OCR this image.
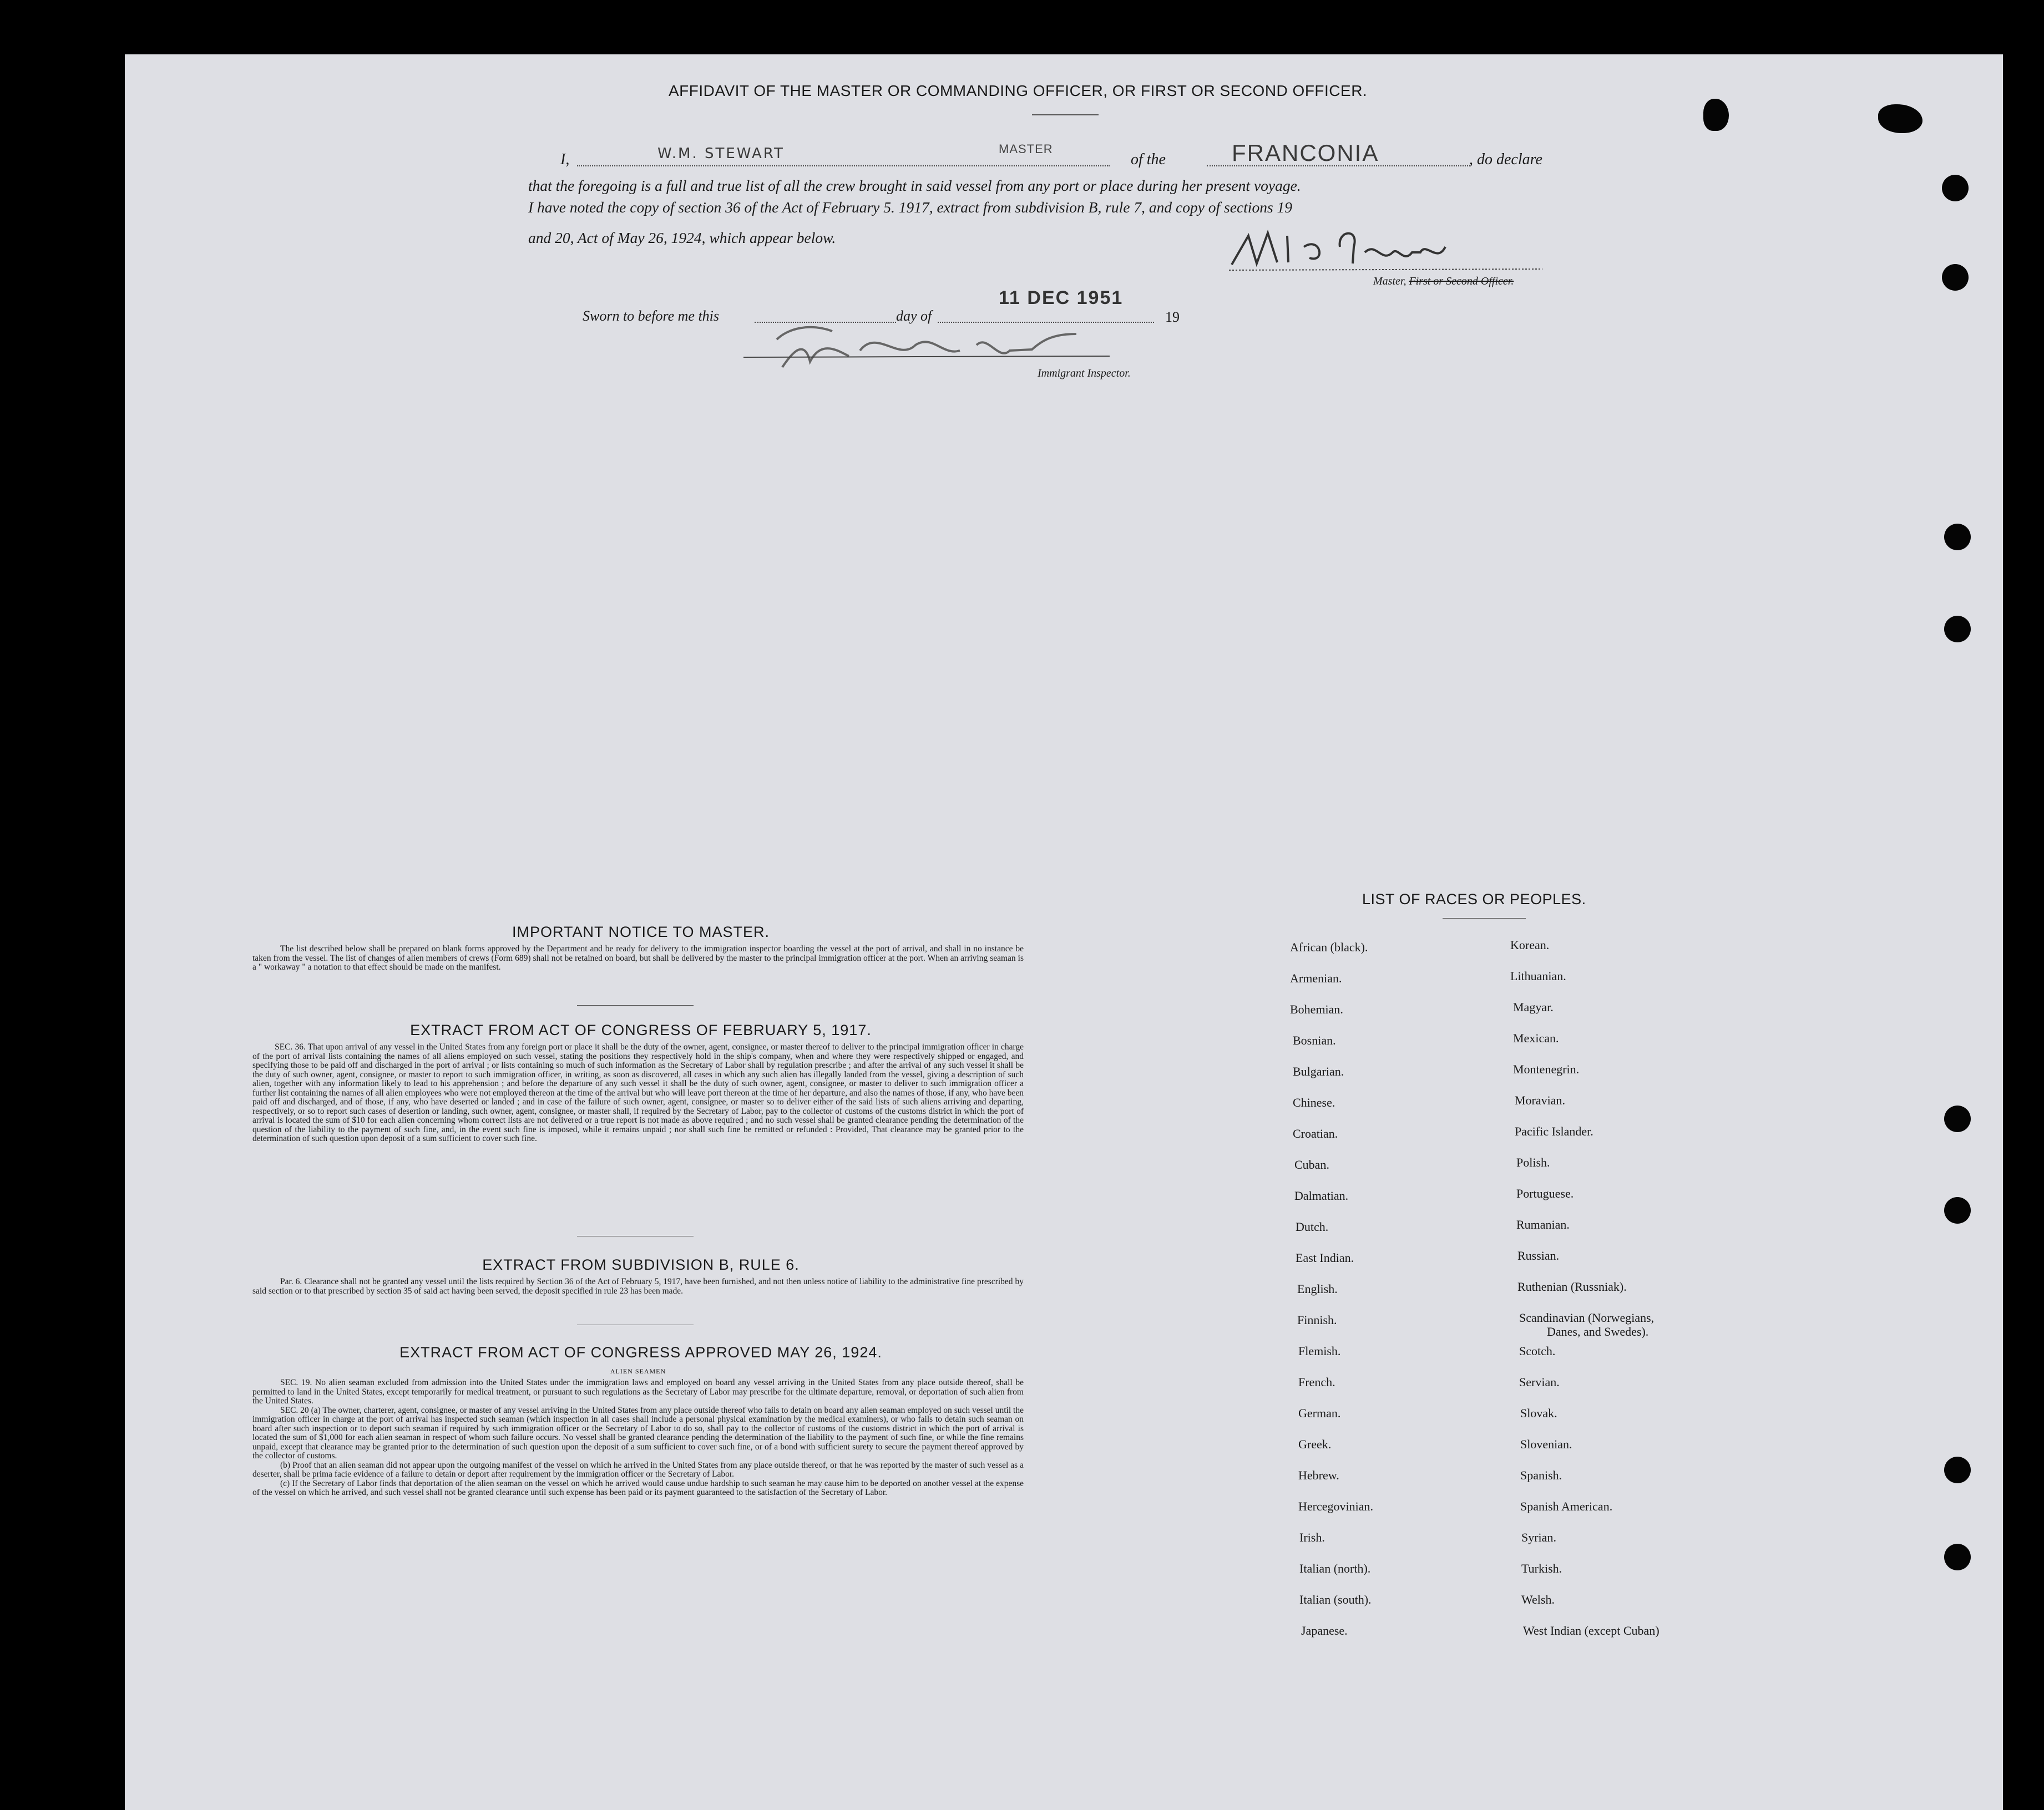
AFFIDAVIT OF THE MASTER OR COMMANDING OFFICER, OR FIRST OR SECOND OFFICER.
I,	W.M. STEWART	MASTER
of the	FRANCONIA	, do declare
that the foregoing is a full and true list of all the crew brought in said vessel from any port or place during her present voyage.
I have noted the copy of section 36 of the Act of February 5. 1917, extract from subdivision B, rule 7, and copy of sections 19
and 20, Act of May 26, 1924, which appear below.
Master, First or Second Officer.
Sworn to before me this	day of
11 DEC 1951
19
Immigrant Inspector.
IMPORTANT NOTICE TO MASTER.

The list described below shall be prepared on blank forms approved by the Department and be ready for delivery to the immigration inspector boarding the vessel at the port of arrival, and shall in no instance be taken from the vessel. The list of changes of alien members of crews (Form 689) shall not be retained on board, but shall be delivered by the master to the principal immigration officer at the port. When an arriving seaman is a " workaway " a notation to that effect should be made on the manifest.

EXTRACT FROM ACT OF CONGRESS OF FEBRUARY 5, 1917.

SEC. 36. That upon arrival of any vessel in the United States from any foreign port or place it shall be the duty of the owner, agent, consignee, or master thereof to deliver to the principal immigration officer in charge of the port of arrival lists containing the names of all aliens employed on such vessel, stating the positions they respectively hold in the ship's company, when and where they were respectively shipped or engaged, and specifying those to be paid off and discharged in the port of arrival ; or lists containing so much of such information as the Secretary of Labor shall by regulation prescribe ; and after the arrival of any such vessel it shall be the duty of such owner, agent, consignee, or master to report to such immigration officer, in writing, as soon as discovered, all cases in which any such alien has illegally landed from the vessel, giving a description of such alien, together with any information likely to lead to his apprehension ; and before the departure of any such vessel it shall be the duty of such owner, agent, consignee, or master to deliver to such immigration officer a further list containing the names of all alien employees who were not employed thereon at the time of the arrival but who will leave port thereon at the time of her departure, and also the names of those, if any, who have been paid off and discharged, and of those, if any, who have deserted or landed ; and in case of the failure of such owner, agent, consignee, or master so to deliver either of the said lists of such aliens arriving and departing, respectively, or so to report such cases of desertion or landing, such owner, agent, consignee, or master shall, if required by the Secretary of Labor, pay to the collector of customs of the customs district in which the port of arrival is located the sum of $10 for each alien concerning whom correct lists are not delivered or a true report is not made as above required ; and no such vessel shall be granted clearance pending the determination of the question of the liability to the payment of such fine, and, in the event such fine is imposed, while it remains unpaid ; nor shall such fine be remitted or refunded : Provided, That clearance may be granted prior to the determination of such question upon deposit of a sum sufficient to cover such fine.

EXTRACT FROM SUBDIVISION B, RULE 6.

Par. 6. Clearance shall not be granted any vessel until the lists required by Section 36 of the Act of February 5, 1917, have been furnished, and not then unless notice of liability to the administrative fine prescribed by said section or to that prescribed by section 35 of said act having been served, the deposit specified in rule 23 has been made.

EXTRACT FROM ACT OF CONGRESS APPROVED MAY 26, 1924.
ALIEN SEAMEN

SEC. 19. No alien seaman excluded from admission into the United States under the immigration laws and employed on board any vessel arriving in the United States from any place outside thereof, shall be permitted to land in the United States, except temporarily for medical treatment, or pursuant to such regulations as the Secretary of Labor may prescribe for the ultimate departure, removal, or deportation of such alien from the United States.

SEC. 20 (a) The owner, charterer, agent, consignee, or master of any vessel arriving in the United States from any place outside thereof who fails to detain on board any alien seaman employed on such vessel until the immigration officer in charge at the port of arrival has inspected such seaman (which inspection in all cases shall include a personal physical examination by the medical examiners), or who fails to detain such seaman on board after such inspection or to deport such seaman if required by such immigration officer or the Secretary of Labor to do so, shall pay to the collector of customs of the customs district in which the port of arrival is located the sum of $1,000 for each alien seaman in respect of whom such failure occurs. No vessel shall be granted clearance pending the determination of the liability to the payment of such fine, or while the fine remains unpaid, except that clearance may be granted prior to the determination of such question upon the deposit of a sum sufficient to cover such fine, or of a bond with sufficient surety to secure the payment thereof approved by the collector of customs.

(b) Proof that an alien seaman did not appear upon the outgoing manifest of the vessel on which he arrived in the United States from any place outside thereof, or that he was reported by the master of such vessel as a deserter, shall be prima facie evidence of a failure to detain or deport after requirement by the immigration officer or the Secretary of Labor.

(c) If the Secretary of Labor finds that deportation of the alien seaman on the vessel on which he arrived would cause undue hardship to such seaman he may cause him to be deported on another vessel at the expense of the vessel on which he arrived, and such vessel shall not be granted clearance until such expense has been paid or its payment guaranteed to the satisfaction of the Secretary of Labor.

LIST OF RACES OR PEOPLES.
African (black).
Armenian.
Bohemian.
Bosnian.
Bulgarian.
Chinese.
Croatian.
Cuban.
Dalmatian.
Dutch.
East Indian.
English.
Finnish.
Flemish.
French.
German.
Greek.
Hebrew.
Hercegovinian.
Irish.
Italian (north).
Italian (south).
Japanese.
Korean.
Lithuanian.
Magyar.
Mexican.
Montenegrin.
Moravian.
Pacific Islander.
Polish.
Portuguese.
Rumanian.
Russian.
Ruthenian (Russniak).
Scandinavian (Norwegians,
Danes, and Swedes).
Scotch.
Servian.
Slovak.
Slovenian.
Spanish.
Spanish American.
Syrian.
Turkish.
Welsh.
West Indian (except Cuban)
